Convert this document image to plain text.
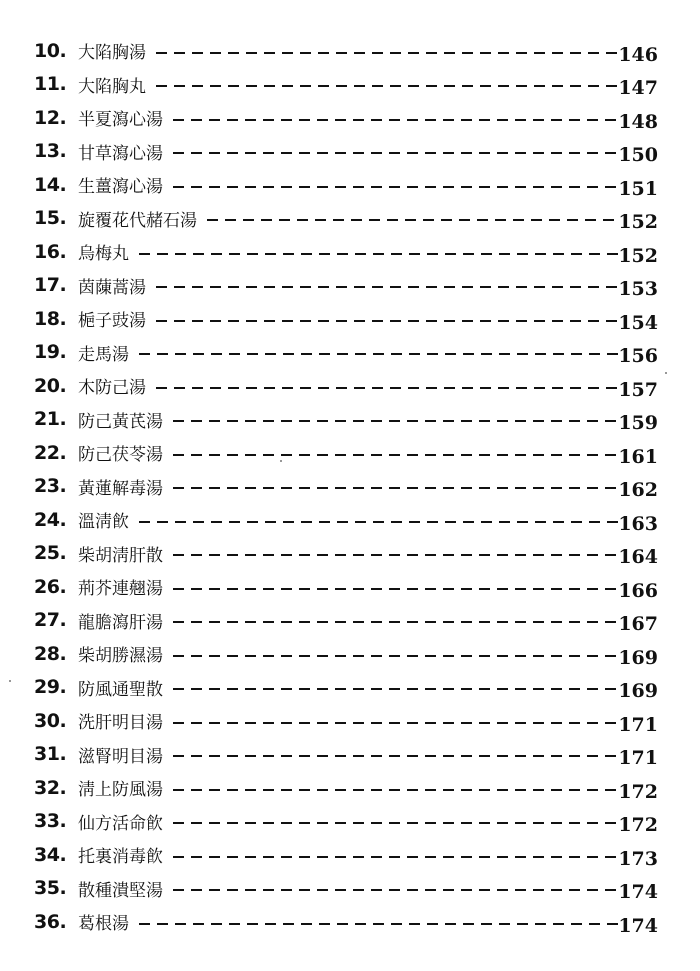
10. 大陷胸湯	146
11. 大陷胸丸	147
12. 半夏瀉心湯	148
13. 甘草瀉心湯	150
14. 生薑瀉心湯	151
15. 旋覆花代赭石湯	152
16. 烏梅丸	152
17. 茵蔯蒿湯	153
18. 梔子豉湯	154
19. 走馬湯	156
20. 木防己湯	157
21. 防己黃芪湯	159
22. 防己茯苓湯	161
23. 黃蓮解毒湯	162
24. 溫淸飮	163
25. 柴胡淸肝散	164
26. 荊芥連翹湯	166
27. 龍膽瀉肝湯	167
28. 柴胡勝濕湯	169
29. 防風通聖散	169
30. 洗肝明目湯	171
31. 滋腎明目湯	171
32. 淸上防風湯	172
33. 仙方活命飮	172
34. 托裏消毒飮	173
35. 散種潰堅湯	174
36. 葛根湯	174
